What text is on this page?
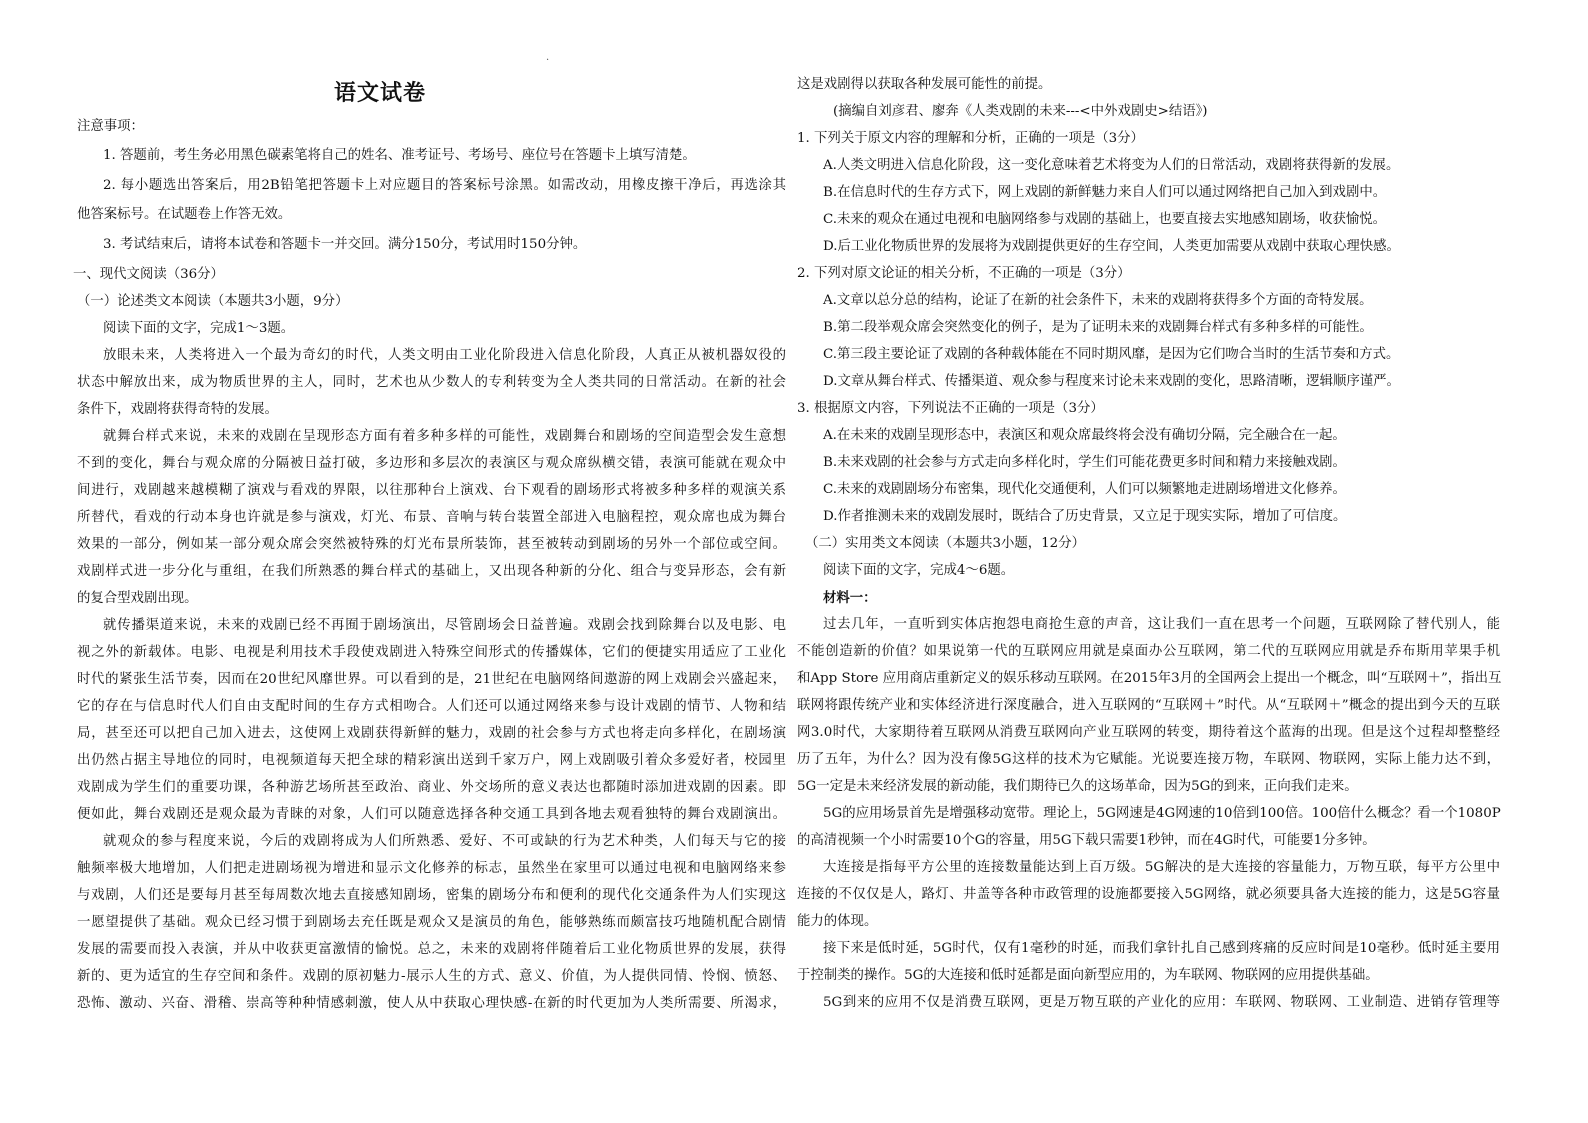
.
语文试卷
注意事项：
1. 答题前，考生务必用黑色碳素笔将自己的姓名、准考证号、考场号、座位号在答题卡上填写清楚。
2. 每小题选出答案后，用2B铅笔把答题卡上对应题目的答案标号涂黑。如需改动，用橡皮擦干净后，再选涂其
他答案标号。在试题卷上作答无效。
3. 考试结束后，请将本试卷和答题卡一并交回。满分150分，考试用时150分钟。
一、现代文阅读（36分）
（一）论述类文本阅读（本题共3小题，9分）
阅读下面的文字，完成1～3题。
放眼未来，人类将进入一个最为奇幻的时代，人类文明由工业化阶段进入信息化阶段，人真正从被机器奴役的
状态中解放出来，成为物质世界的主人，同时，艺术也从少数人的专利转变为全人类共同的日常活动。在新的社会
条件下，戏剧将获得奇特的发展。
就舞台样式来说，未来的戏剧在呈现形态方面有着多种多样的可能性，戏剧舞台和剧场的空间造型会发生意想
不到的变化，舞台与观众席的分隔被日益打破，多边形和多层次的表演区与观众席纵横交错，表演可能就在观众中
间进行，戏剧越来越模糊了演戏与看戏的界限，以往那种台上演戏、台下观看的剧场形式将被多种多样的观演关系
所替代，看戏的行动本身也许就是参与演戏，灯光、布景、音响与转台装置全部进入电脑程控，观众席也成为舞台
效果的一部分，例如某一部分观众席会突然被特殊的灯光布景所装饰，甚至被转动到剧场的另外一个部位或空间。
戏剧样式进一步分化与重组，在我们所熟悉的舞台样式的基础上，又出现各种新的分化、组合与变异形态，会有新
的复合型戏剧出现。
就传播渠道来说，未来的戏剧已经不再囿于剧场演出，尽管剧场会日益普遍。戏剧会找到除舞台以及电影、电
视之外的新载体。电影、电视是利用技术手段使戏剧进入特殊空间形式的传播媒体，它们的便捷实用适应了工业化
时代的紧张生活节奏，因而在20世纪风靡世界。可以看到的是，21世纪在电脑网络间遨游的网上戏剧会兴盛起来，
它的存在与信息时代人们自由支配时间的生存方式相吻合。人们还可以通过网络来参与设计戏剧的情节、人物和结
局，甚至还可以把自己加入进去，这使网上戏剧获得新鲜的魅力，戏剧的社会参与方式也将走向多样化，在剧场演
出仍然占据主导地位的同时，电视频道每天把全球的精彩演出送到千家万户，网上戏剧吸引着众多爱好者，校园里
戏剧成为学生们的重要功课，各种游艺场所甚至政治、商业、外交场所的意义表达也都随时添加进戏剧的因素。即
便如此，舞台戏剧还是观众最为青睐的对象，人们可以随意选择各种交通工具到各地去观看独特的舞台戏剧演出。
就观众的参与程度来说，今后的戏剧将成为人们所熟悉、爱好、不可或缺的行为艺术种类，人们每天与它的接
触频率极大地增加，人们把走进剧场视为增进和显示文化修养的标志，虽然坐在家里可以通过电视和电脑网络来参
与戏剧，人们还是要每月甚至每周数次地去直接感知剧场，密集的剧场分布和便利的现代化交通条件为人们实现这
一愿望提供了基础。观众已经习惯于到剧场去充任既是观众又是演员的角色，能够熟练而颇富技巧地随机配合剧情
发展的需要而投入表演，并从中收获更富激情的愉悦。总之，未来的戏剧将伴随着后工业化物质世界的发展，获得
新的、更为适宜的生存空间和条件。戏剧的原初魅力-展示人生的方式、意义、价值，为人提供同情、怜悯、愤怒、
恐怖、激动、兴奋、滑稽、崇高等种种情感刺激，使人从中获取心理快感-在新的时代更加为人类所需要、所渴求，
这是戏剧得以获取各种发展可能性的前提。
(摘编自刘彦君、廖奔《人类戏剧的未来---<中外戏剧史>结语》)
1. 下列关于原文内容的理解和分析，正确的一项是（3分）
A.人类文明进入信息化阶段，这一变化意味着艺术将变为人们的日常活动，戏剧将获得新的发展。
B.在信息时代的生存方式下，网上戏剧的新鲜魅力来自人们可以通过网络把自己加入到戏剧中。
C.未来的观众在通过电视和电脑网络参与戏剧的基础上，也要直接去实地感知剧场，收获愉悦。
D.后工业化物质世界的发展将为戏剧提供更好的生存空间，人类更加需要从戏剧中获取心理快感。
2. 下列对原文论证的相关分析，不正确的一项是（3分）
A.文章以总分总的结构，论证了在新的社会条件下，未来的戏剧将获得多个方面的奇特发展。
B.第二段举观众席会突然变化的例子，是为了证明未来的戏剧舞台样式有多种多样的可能性。
C.第三段主要论证了戏剧的各种载体能在不同时期风靡，是因为它们吻合当时的生活节奏和方式。
D.文章从舞台样式、传播渠道、观众参与程度来讨论未来戏剧的变化，思路清晰，逻辑顺序谨严。
3. 根据原文内容，下列说法不正确的一项是（3分）
A.在未来的戏剧呈现形态中，表演区和观众席最终将会没有确切分隔，完全融合在一起。
B.未来戏剧的社会参与方式走向多样化时，学生们可能花费更多时间和精力来接触戏剧。
C.未来的戏剧剧场分布密集，现代化交通便利，人们可以频繁地走进剧场增进文化修养。
D.作者推测未来的戏剧发展时，既结合了历史背景，又立足于现实实际，增加了可信度。
（二）实用类文本阅读（本题共3小题，12分）
阅读下面的文字，完成4～6题。
材料一：
过去几年，一直听到实体店抱怨电商抢生意的声音，这让我们一直在思考一个问题，互联网除了替代别人，能
不能创造新的价值？如果说第一代的互联网应用就是桌面办公互联网，第二代的互联网应用就是乔布斯用苹果手机
和App Store 应用商店重新定义的娱乐移动互联网。在2015年3月的全国两会上提出一个概念，叫“互联网＋”，指出互
联网将跟传统产业和实体经济进行深度融合，进入互联网的“互联网＋”时代。从“互联网＋”概念的提出到今天的互联
网3.0时代，大家期待着互联网从消费互联网向产业互联网的转变，期待着这个蓝海的出现。但是这个过程却整整经
历了五年，为什么？因为没有像5G这样的技术为它赋能。光说要连接万物，车联网、物联网，实际上能力达不到，
5G一定是未来经济发展的新动能，我们期待已久的这场革命，因为5G的到来，正向我们走来。
5G的应用场景首先是增强移动宽带。理论上，5G网速是4G网速的10倍到100倍。100倍什么概念？看一个1080P
的高清视频一个小时需要10个G的容量，用5G下载只需要1秒钟，而在4G时代，可能要1分多钟。
大连接是指每平方公里的连接数量能达到上百万级。5G解决的是大连接的容量能力，万物互联，每平方公里中
连接的不仅仅是人，路灯、井盖等各种市政管理的设施都要接入5G网络，就必须要具备大连接的能力，这是5G容量
能力的体现。
接下来是低时延，5G时代，仅有1毫秒的时延，而我们拿针扎自己感到疼痛的反应时间是10毫秒。低时延主要用
于控制类的操作。5G的大连接和低时延都是面向新型应用的，为车联网、物联网的应用提供基础。
5G到来的应用不仅是消费互联网，更是万物互联的产业化的应用：车联网、物联网、工业制造、进销存管理等
